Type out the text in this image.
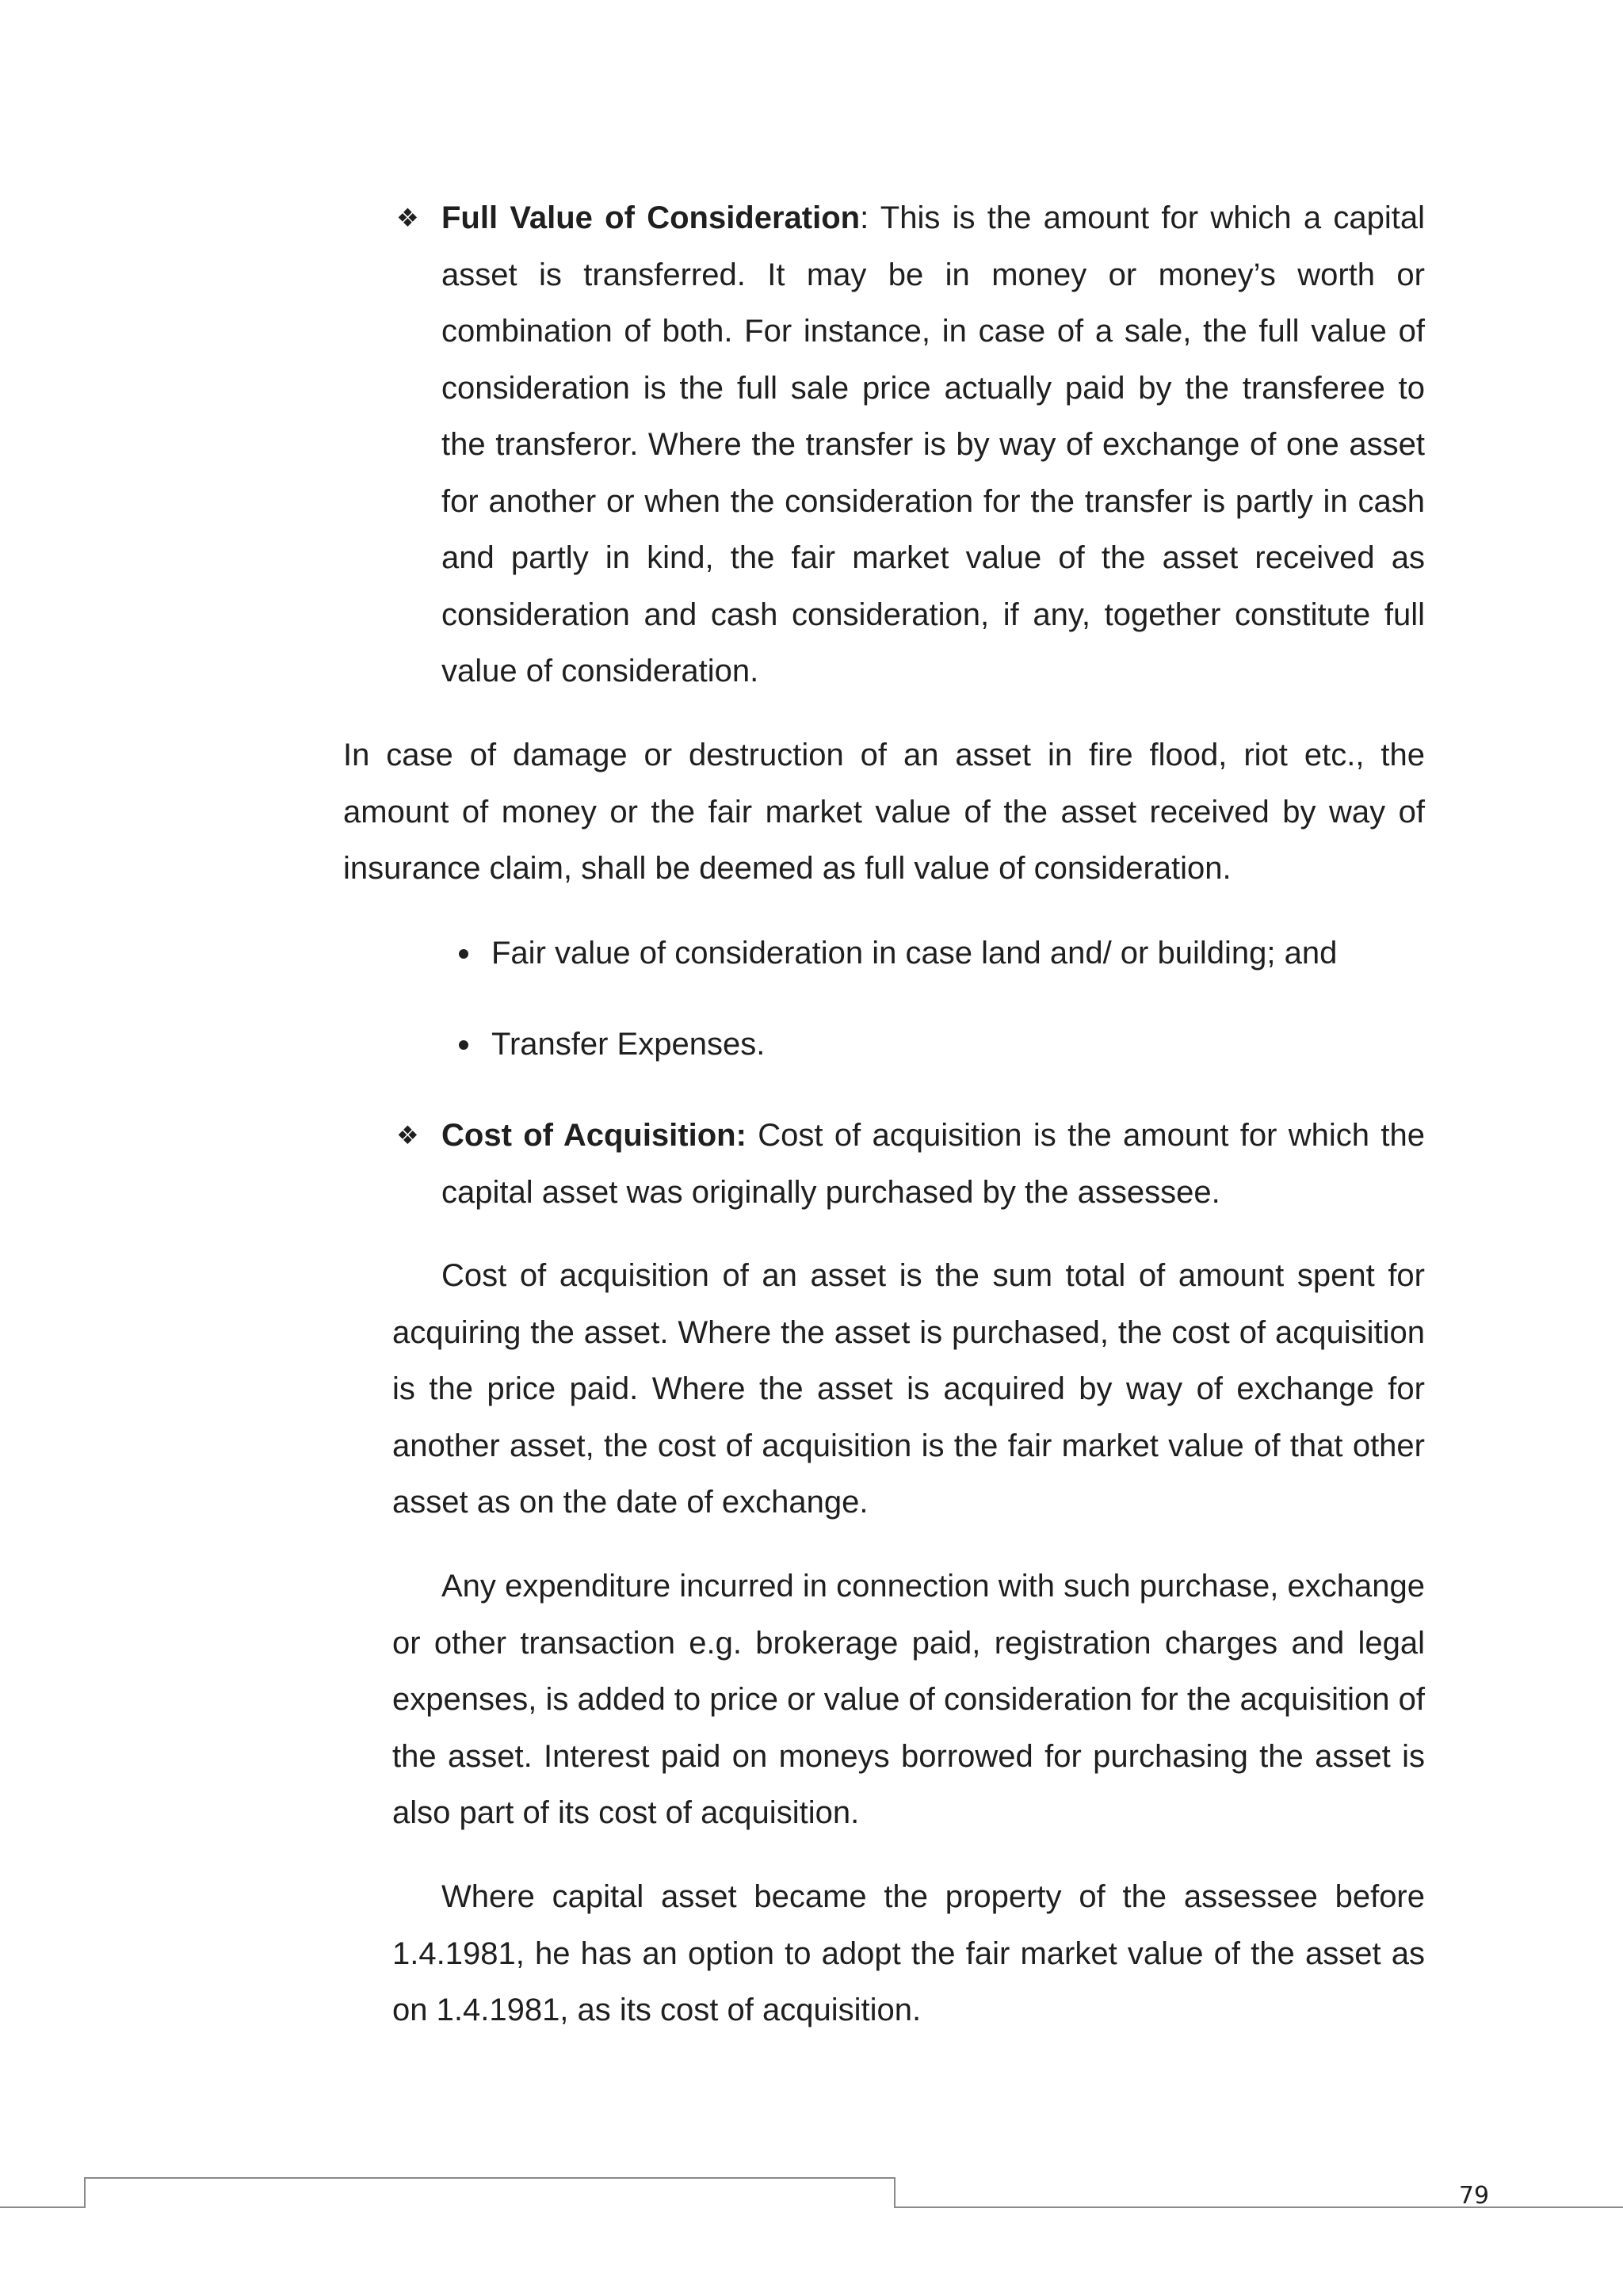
❖ Full Value of Consideration: This is the amount for which a capital asset is transferred. It may be in money or money’s worth or combination of both. For instance, in case of a sale, the full value of consideration is the full sale price actually paid by the transferee to the transferor. Where the transfer is by way of exchange of one asset for another or when the consideration for the transfer is partly in cash and partly in kind, the fair market value of the asset received as consideration and cash consideration, if any, together constitute full value of consideration.

In case of damage or destruction of an asset in fire flood, riot etc., the amount of money or the fair market value of the asset received by way of insurance claim, shall be deemed as full value of consideration.

Fair value of consideration in case land and/ or building; and

Transfer Expenses.

❖ Cost of Acquisition: Cost of acquisition is the amount for which the capital asset was originally purchased by the assessee.

Cost of acquisition of an asset is the sum total of amount spent for acquiring the asset. Where the asset is purchased, the cost of acquisition is the price paid. Where the asset is acquired by way of exchange for another asset, the cost of acquisition is the fair market value of that other asset as on the date of exchange.

Any expenditure incurred in connection with such purchase, exchange or other transaction e.g. brokerage paid, registration charges and legal expenses, is added to price or value of consideration for the acquisition of the asset. Interest paid on moneys borrowed for purchasing the asset is also part of its cost of acquisition.

Where capital asset became the property of the assessee before 1.4.1981, he has an option to adopt the fair market value of the asset as on 1.4.1981, as its cost of acquisition.

79
